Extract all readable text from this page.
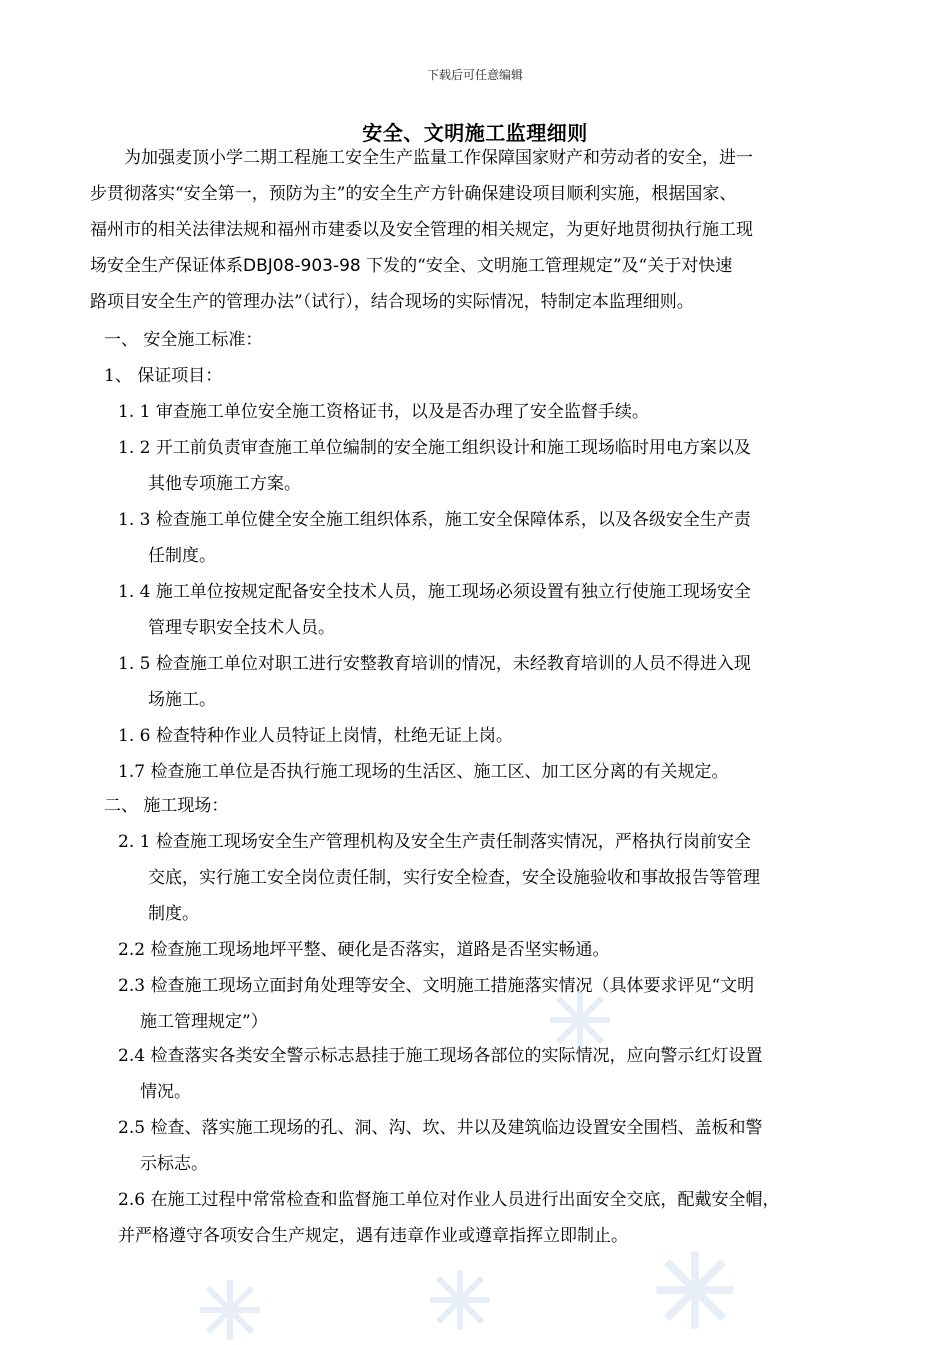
下载后可任意编辑
安全、文明施工监理细则
为加强麦顶小学二期工程施工安全生产监量工作保障国家财产和劳动者的安全，进一
步贯彻落实“安全第一，预防为主”的安全生产方针确保建设项目顺利实施，根据国家、
福州市的相关法律法规和福州市建委以及安全管理的相关规定，为更好地贯彻执行施工现
场安全生产保证体系DBJ08-903-98 下发的“安全、文明施工管理规定”及“关于对快速
路项目安全生产的管理办法”（试行），结合现场的实际情况，特制定本监理细则。
一、 安全施工标准：
1、 保证项目：
1. 1 审查施工单位安全施工资格证书，以及是否办理了安全监督手续。
1. 2 开工前负责审查施工单位编制的安全施工组织设计和施工现场临时用电方案以及
其他专项施工方案。
1. 3 检查施工单位健全安全施工组织体系，施工安全保障体系，以及各级安全生产责
任制度。
1. 4 施工单位按规定配备安全技术人员，施工现场必须设置有独立行使施工现场安全
管理专职安全技术人员。
1. 5 检查施工单位对职工进行安整教育培训的情况，未经教育培训的人员不得进入现
场施工。
1. 6 检查特种作业人员特证上岗情，杜绝无证上岗。
1.7 检查施工单位是否执行施工现场的生活区、施工区、加工区分离的有关规定。
二、 施工现场：
2. 1 检查施工现场安全生产管理机构及安全生产责任制落实情况，严格执行岗前安全
交底，实行施工安全岗位责任制，实行安全检查，安全设施验收和事故报告等管理
制度。
2.2 检查施工现场地坪平整、硬化是否落实，道路是否坚实畅通。
2.3 检查施工现场立面封角处理等安全、文明施工措施落实情况（具体要求评见“文明
施工管理规定”）
2.4 检查落实各类安全警示标志悬挂于施工现场各部位的实际情况，应向警示红灯设置
情况。
2.5 检查、落实施工现场的孔、洞、沟、坎、井以及建筑临边设置安全围档、盖板和警
示标志。
2.6 在施工过程中常常检查和监督施工单位对作业人员进行出面安全交底，配戴安全帽，
并严格遵守各项安合生产规定，遇有违章作业或遵章指挥立即制止。
